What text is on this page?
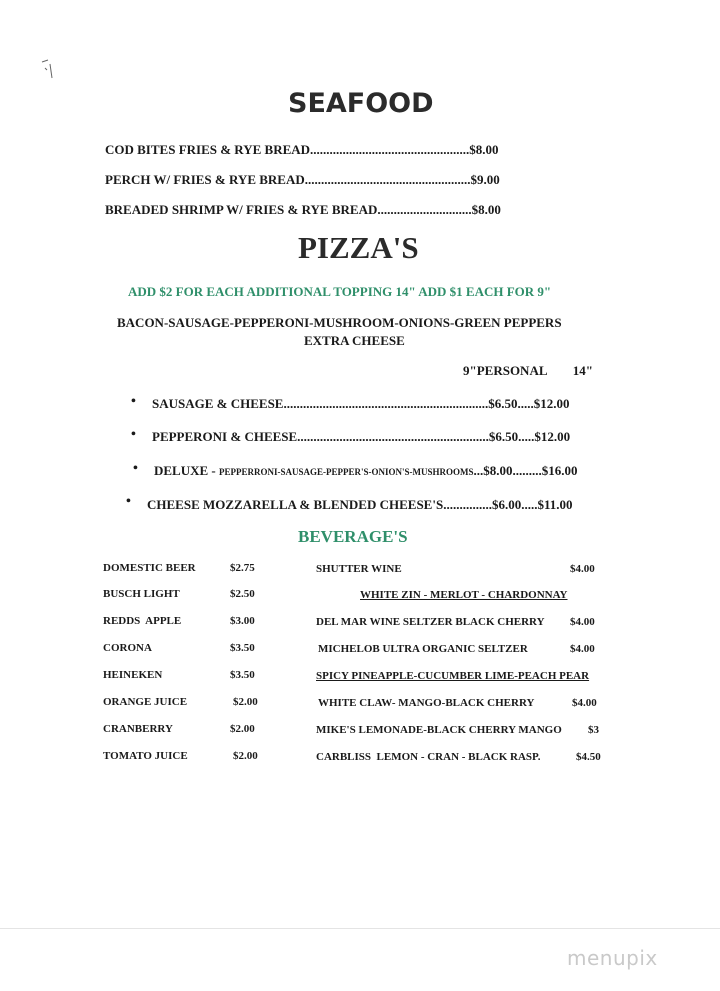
SEAFOOD
COD BITES FRIES & RYE BREAD.................................................$8.00
PERCH W/ FRIES & RYE BREAD...................................................$9.00
BREADED SHRIMP W/ FRIES & RYE BREAD.............................$8.00
PIZZA'S
ADD $2 FOR EACH ADDITIONAL TOPPING 14" ADD $1 EACH FOR 9"
BACON-SAUSAGE-PEPPERONI-MUSHROOM-ONIONS-GREEN PEPPERS
EXTRA CHEESE
9"PERSONAL        14"
• SAUSAGE & CHEESE...............................................................$6.50.....$12.00
• PEPPERONI & CHEESE...........................................................$6.50.....$12.00
• DELUXE - PEPPERRONI-SAUSAGE-PEPPER'S-ONION'S-MUSHROOMS...$8.00.........$16.00
• CHEESE MOZZARELLA & BLENDED CHEESE'S...............$6.00.....$11.00
BEVERAGE'S
DOMESTIC BEER	$2.75
BUSCH LIGHT	$2.50
REDDS  APPLE	$3.00
CORONA	$3.50
HEINEKEN	$3.50
ORANGE JUICE	$2.00
CRANBERRY	$2.00
TOMATO JUICE	$2.00
SHUTTER WINE	$4.00
WHITE ZIN - MERLOT - CHARDONNAY
DEL MAR WINE SELTZER BLACK CHERRY $4.00
MICHELOB ULTRA ORGANIC SELTZER	$4.00
SPICY PINEAPPLE-CUCUMBER LIME-PEACH PEAR
WHITE CLAW- MANGO-BLACK CHERRY	$4.00
MIKE'S LEMONADE-BLACK CHERRY MANGO $3
CARBLISS  LEMON - CRAN - BLACK RASP.	$4.50
menupix
